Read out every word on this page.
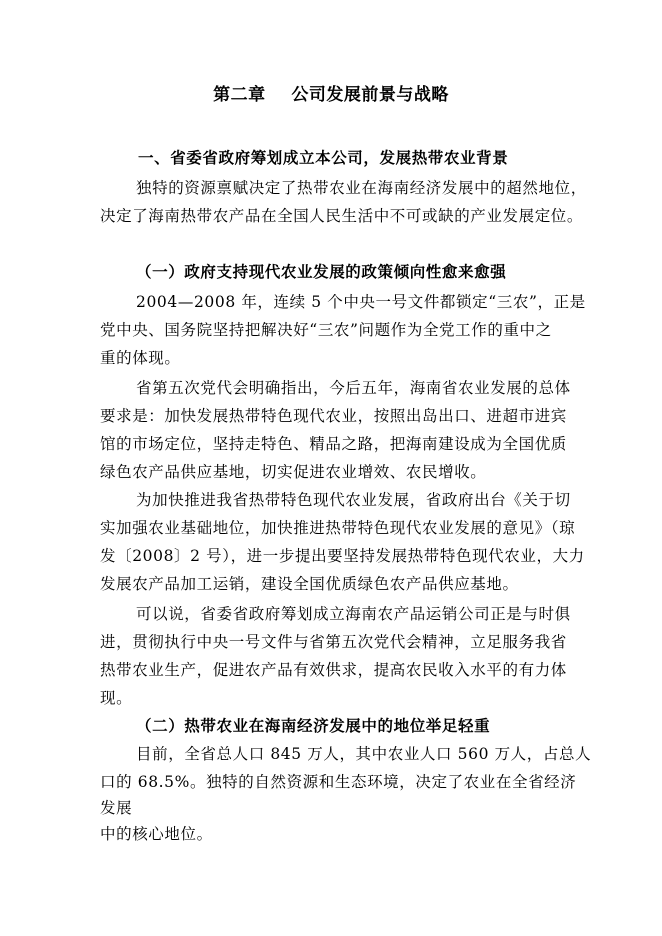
第二章    公司发展前景与战略
一、省委省政府筹划成立本公司，发展热带农业背景
独特的资源禀赋决定了热带农业在海南经济发展中的超然地位，
决定了海南热带农产品在全国人民生活中不可或缺的产业发展定位。
（一）政府支持现代农业发展的政策倾向性愈来愈强
2004—2008 年，连续 5 个中央一号文件都锁定“三农”，正是
党中央、国务院坚持把解决好“三农”问题作为全党工作的重中之
重的体现。
省第五次党代会明确指出，今后五年，海南省农业发展的总体
要求是：加快发展热带特色现代农业，按照出岛出口、进超市进宾
馆的市场定位，坚持走特色、精品之路，把海南建设成为全国优质
绿色农产品供应基地，切实促进农业增效、农民增收。
为加快推进我省热带特色现代农业发展，省政府出台《关于切
实加强农业基础地位，加快推进热带特色现代农业发展的意见》（琼
发〔2008〕2 号），进一步提出要坚持发展热带特色现代农业，大力
发展农产品加工运销，建设全国优质绿色农产品供应基地。
可以说，省委省政府筹划成立海南农产品运销公司正是与时俱
进，贯彻执行中央一号文件与省第五次党代会精神，立足服务我省
热带农业生产，促进农产品有效供求，提高农民收入水平的有力体
现。
（二）热带农业在海南经济发展中的地位举足轻重
目前，全省总人口 845 万人，其中农业人口 560 万人，占总人
口的 68.5%。独特的自然资源和生态环境，决定了农业在全省经济
发展
中的核心地位。
